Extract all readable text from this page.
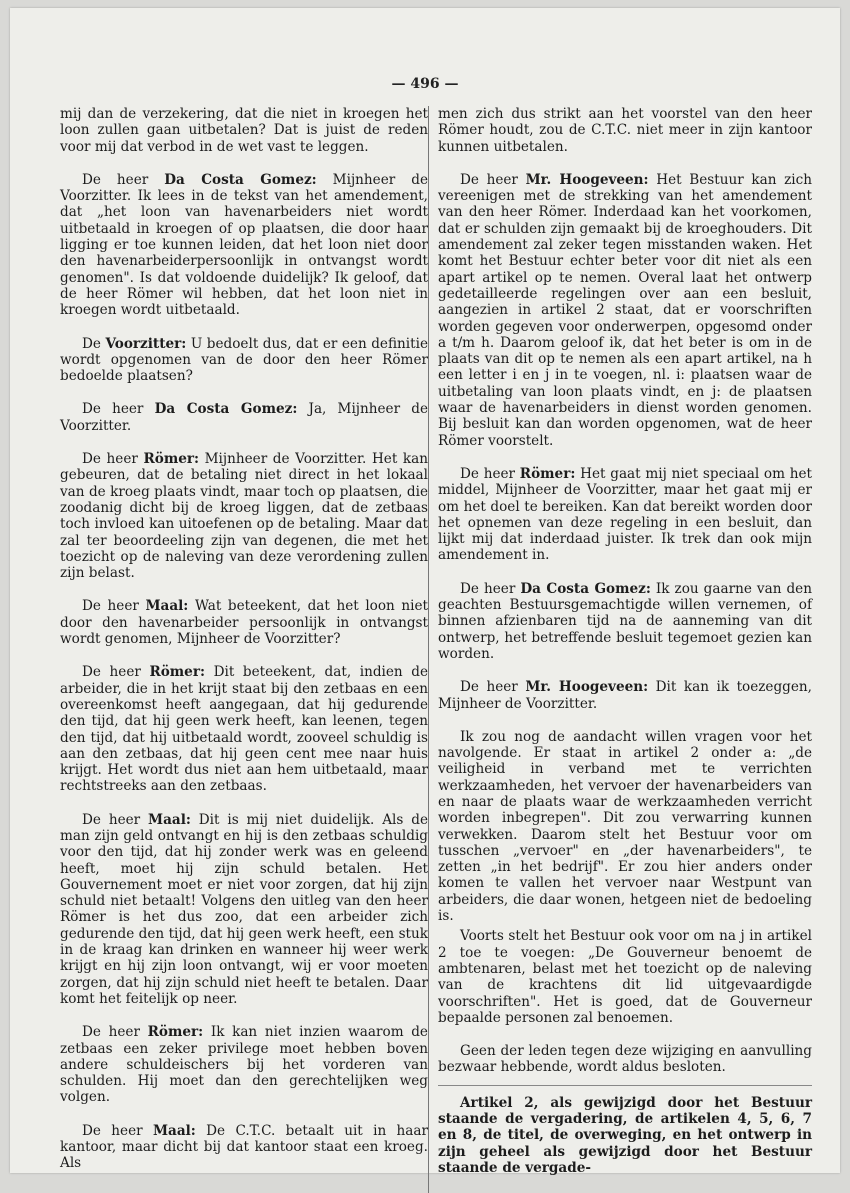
— 496 —

mij dan de verzekering, dat die niet in kroegen het loon zullen gaan uitbetalen? Dat is juist de reden voor mij dat verbod in de wet vast te leggen.

De heer Da Costa Gomez: Mijnheer de Voorzitter. Ik lees in de tekst van het amendement, dat „het loon van havenarbeiders niet wordt uitbetaald in kroegen of op plaatsen, die door haar ligging er toe kunnen leiden, dat het loon niet door den havenarbeiderpersoonlijk in ontvangst wordt genomen". Is dat voldoende duidelijk? Ik geloof, dat de heer Römer wil hebben, dat het loon niet in kroegen wordt uitbetaald.

De Voorzitter: U bedoelt dus, dat er een definitie wordt opgenomen van de door den heer Römer bedoelde plaatsen?

De heer Da Costa Gomez: Ja, Mijnheer de Voorzitter.

De heer Römer: Mijnheer de Voorzitter. Het kan gebeuren, dat de betaling niet direct in het lokaal van de kroeg plaats vindt, maar toch op plaatsen, die zoodanig dicht bij de kroeg liggen, dat de zetbaas toch invloed kan uitoefenen op de betaling. Maar dat zal ter beoordeeling zijn van degenen, die met het toezicht op de naleving van deze verordening zullen zijn belast.

De heer Maal: Wat beteekent, dat het loon niet door den havenarbeider persoonlijk in ontvangst wordt genomen, Mijnheer de Voorzitter?

De heer Römer: Dit beteekent, dat, indien de arbeider, die in het krijt staat bij den zetbaas en een overeenkomst heeft aangegaan, dat hij gedurende den tijd, dat hij geen werk heeft, kan leenen, tegen den tijd, dat hij uitbetaald wordt, zooveel schuldig is aan den zetbaas, dat hij geen cent mee naar huis krijgt. Het wordt dus niet aan hem uitbetaald, maar rechtstreeks aan den zetbaas.

De heer Maal: Dit is mij niet duidelijk. Als de man zijn geld ontvangt en hij is den zetbaas schuldig voor den tijd, dat hij zonder werk was en geleend heeft, moet hij zijn schuld betalen. Het Gouvernement moet er niet voor zorgen, dat hij zijn schuld niet betaalt! Volgens den uitleg van den heer Römer is het dus zoo, dat een arbeider zich gedurende den tijd, dat hij geen werk heeft, een stuk in de kraag kan drinken en wanneer hij weer werk krijgt en hij zijn loon ontvangt, wij er voor moeten zorgen, dat hij zijn schuld niet heeft te betalen. Daar komt het feitelijk op neer.

De heer Römer: Ik kan niet inzien waarom de zetbaas een zeker privilege moet hebben boven andere schuldeischers bij het vorderen van schulden. Hij moet dan den gerechtelijken weg volgen.

De heer Maal: De C.T.C. betaalt uit in haar kantoor, maar dicht bij dat kantoor staat een kroeg. Als

men zich dus strikt aan het voorstel van den heer Römer houdt, zou de C.T.C. niet meer in zijn kantoor kunnen uitbetalen.

De heer Mr. Hoogeveen: Het Bestuur kan zich vereenigen met de strekking van het amendement van den heer Römer. Inderdaad kan het voorkomen, dat er schulden zijn gemaakt bij de kroeghouders. Dit amendement zal zeker tegen misstanden waken. Het komt het Bestuur echter beter voor dit niet als een apart artikel op te nemen. Overal laat het ontwerp gedetailleerde regelingen over aan een besluit, aangezien in artikel 2 staat, dat er voorschriften worden gegeven voor onderwerpen, opgesomd onder a t/m h. Daarom geloof ik, dat het beter is om in de plaats van dit op te nemen als een apart artikel, na h een letter i en j in te voegen, nl. i: plaatsen waar de uitbetaling van loon plaats vindt, en j: de plaatsen waar de havenarbeiders in dienst worden genomen. Bij besluit kan dan worden opgenomen, wat de heer Römer voorstelt.

De heer Römer: Het gaat mij niet speciaal om het middel, Mijnheer de Voorzitter, maar het gaat mij er om het doel te bereiken. Kan dat bereikt worden door het opnemen van deze regeling in een besluit, dan lijkt mij dat inderdaad juister. Ik trek dan ook mijn amendement in.

De heer Da Costa Gomez: Ik zou gaarne van den geachten Bestuursgemachtigde willen vernemen, of binnen afzienbaren tijd na de aanneming van dit ontwerp, het betreffende besluit tegemoet gezien kan worden.

De heer Mr. Hoogeveen: Dit kan ik toezeggen, Mijnheer de Voorzitter.

Ik zou nog de aandacht willen vragen voor het navolgende. Er staat in artikel 2 onder a: „de veiligheid in verband met te verrichten werkzaamheden, het vervoer der havenarbeiders van en naar de plaats waar de werkzaamheden verricht worden inbegrepen". Dit zou verwarring kunnen verwekken. Daarom stelt het Bestuur voor om tusschen „vervoer" en „der havenarbeiders", te zetten „in het bedrijf". Er zou hier anders onder komen te vallen het vervoer naar Westpunt van arbeiders, die daar wonen, hetgeen niet de bedoeling is.

Voorts stelt het Bestuur ook voor om na j in artikel 2 toe te voegen: „De Gouverneur benoemt de ambtenaren, belast met het toezicht op de naleving van de krachtens dit lid uitgevaardigde voorschriften". Het is goed, dat de Gouverneur bepaalde personen zal benoemen.

Geen der leden tegen deze wijziging en aanvulling bezwaar hebbende, wordt aldus besloten.

Artikel 2, als gewijzigd door het Bestuur staande de vergadering, de artikelen 4, 5, 6, 7 en 8, de titel, de overweging, en het ontwerp in zijn geheel als gewijzigd door het Bestuur staande de vergade-
